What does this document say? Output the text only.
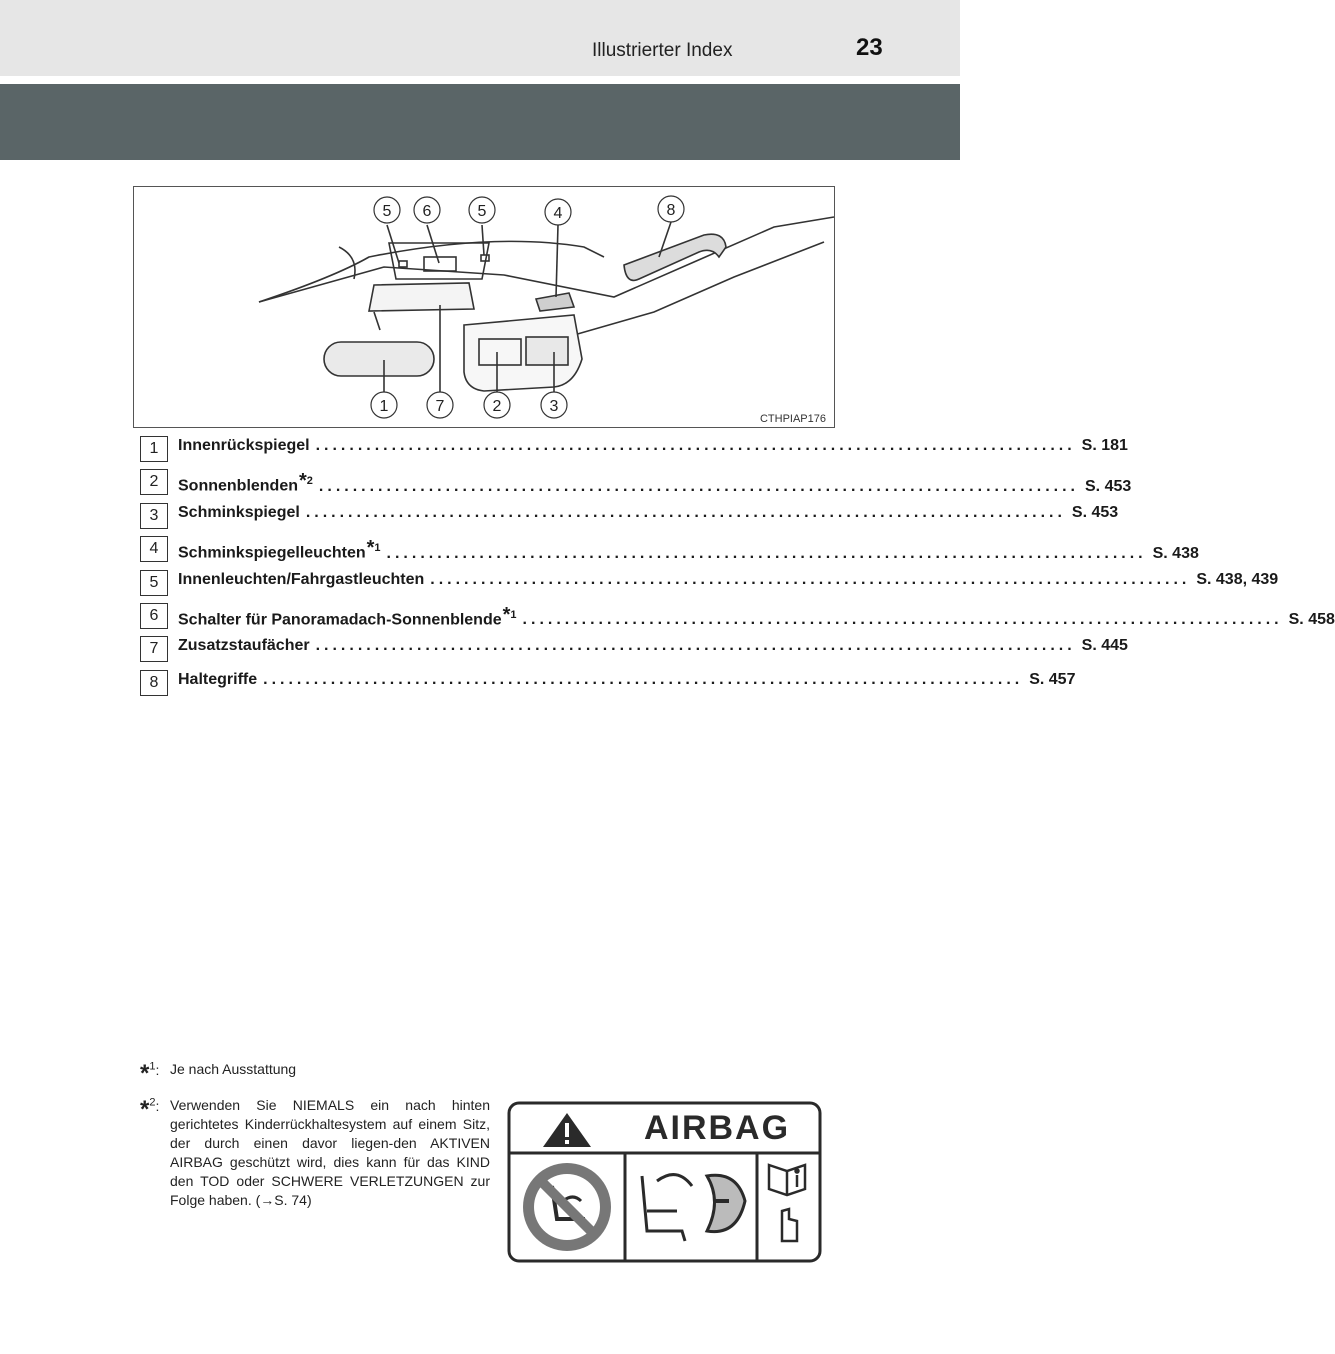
Illustrierter Index	23
5 6	5	4	8
1	7	2	3
CTHPIAP176
1	Innenrückspiegel .......................................................................................... S. 181
2	Sonnenblenden$^{*2}$ .......................................................................................... S. 453
3	Schminkspiegel .......................................................................................... S. 453
4	Schminkspiegelleuchten$^{*1}$ .......................................................................................... S. 438
5	Innenleuchten/Fahrgastleuchten .......................................................................................... S. 438, 439
6	Schalter für Panoramadach-Sonnenblende$^{*1}$ .......................................................................................... S. 458
7	Zusatzstaufächer .......................................................................................... S. 445
8	Haltegriffe .......................................................................................... S. 457
*$^1$: Je nach Ausstattung
*$^2$: Verwenden Sie NIEMALS ein nach hinten gerichtetes Kinderrückhaltesystem auf einem Sitz, der durch einen davor liegen-den AKTIVEN AIRBAG geschützt wird, dies kann für das KIND den TOD oder SCHWERE VERLETZUNGEN zur Folge haben. (→S. 74)
AIRBAG
